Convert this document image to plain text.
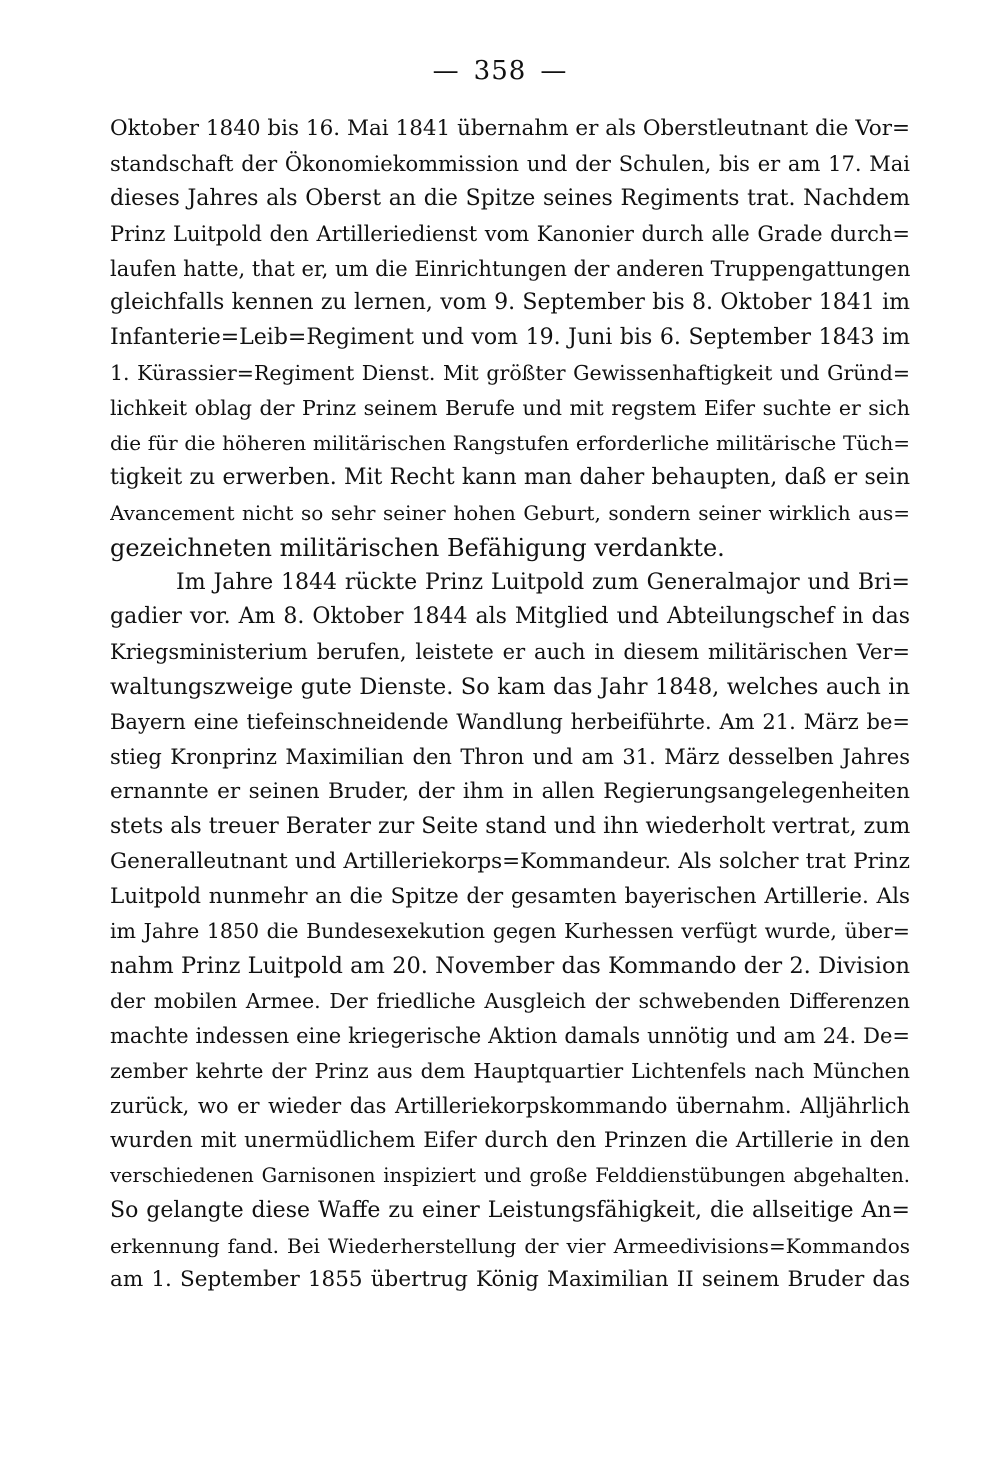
— 358 —
Oktober 1840 bis 16. Mai 1841 übernahm er als Oberstleutnant die Vor=
standschaft der Ökonomiekommission und der Schulen, bis er am 17. Mai
dieses Jahres als Oberst an die Spitze seines Regiments trat. Nachdem
Prinz Luitpold den Artilleriedienst vom Kanonier durch alle Grade durch=
laufen hatte, that er, um die Einrichtungen der anderen Truppengattungen
gleichfalls kennen zu lernen, vom 9. September bis 8. Oktober 1841 im
Infanterie=Leib=Regiment und vom 19. Juni bis 6. September 1843 im
1. Kürassier=Regiment Dienst. Mit größter Gewissenhaftigkeit und Gründ=
lichkeit oblag der Prinz seinem Berufe und mit regstem Eifer suchte er sich
die für die höheren militärischen Rangstufen erforderliche militärische Tüch=
tigkeit zu erwerben. Mit Recht kann man daher behaupten, daß er sein
Avancement nicht so sehr seiner hohen Geburt, sondern seiner wirklich aus=
gezeichneten militärischen Befähigung verdankte.
Im Jahre 1844 rückte Prinz Luitpold zum Generalmajor und Bri=
gadier vor. Am 8. Oktober 1844 als Mitglied und Abteilungschef in das
Kriegsministerium berufen, leistete er auch in diesem militärischen Ver=
waltungszweige gute Dienste. So kam das Jahr 1848, welches auch in
Bayern eine tiefeinschneidende Wandlung herbeiführte. Am 21. März be=
stieg Kronprinz Maximilian den Thron und am 31. März desselben Jahres
ernannte er seinen Bruder, der ihm in allen Regierungsangelegenheiten
stets als treuer Berater zur Seite stand und ihn wiederholt vertrat, zum
Generalleutnant und Artilleriekorps=Kommandeur. Als solcher trat Prinz
Luitpold nunmehr an die Spitze der gesamten bayerischen Artillerie. Als
im Jahre 1850 die Bundesexekution gegen Kurhessen verfügt wurde, über=
nahm Prinz Luitpold am 20. November das Kommando der 2. Division
der mobilen Armee. Der friedliche Ausgleich der schwebenden Differenzen
machte indessen eine kriegerische Aktion damals unnötig und am 24. De=
zember kehrte der Prinz aus dem Hauptquartier Lichtenfels nach München
zurück, wo er wieder das Artilleriekorpskommando übernahm. Alljährlich
wurden mit unermüdlichem Eifer durch den Prinzen die Artillerie in den
verschiedenen Garnisonen inspiziert und große Felddienstübungen abgehalten.
So gelangte diese Waffe zu einer Leistungsfähigkeit, die allseitige An=
erkennung fand. Bei Wiederherstellung der vier Armeedivisions=Kommandos
am 1. September 1855 übertrug König Maximilian II seinem Bruder das
